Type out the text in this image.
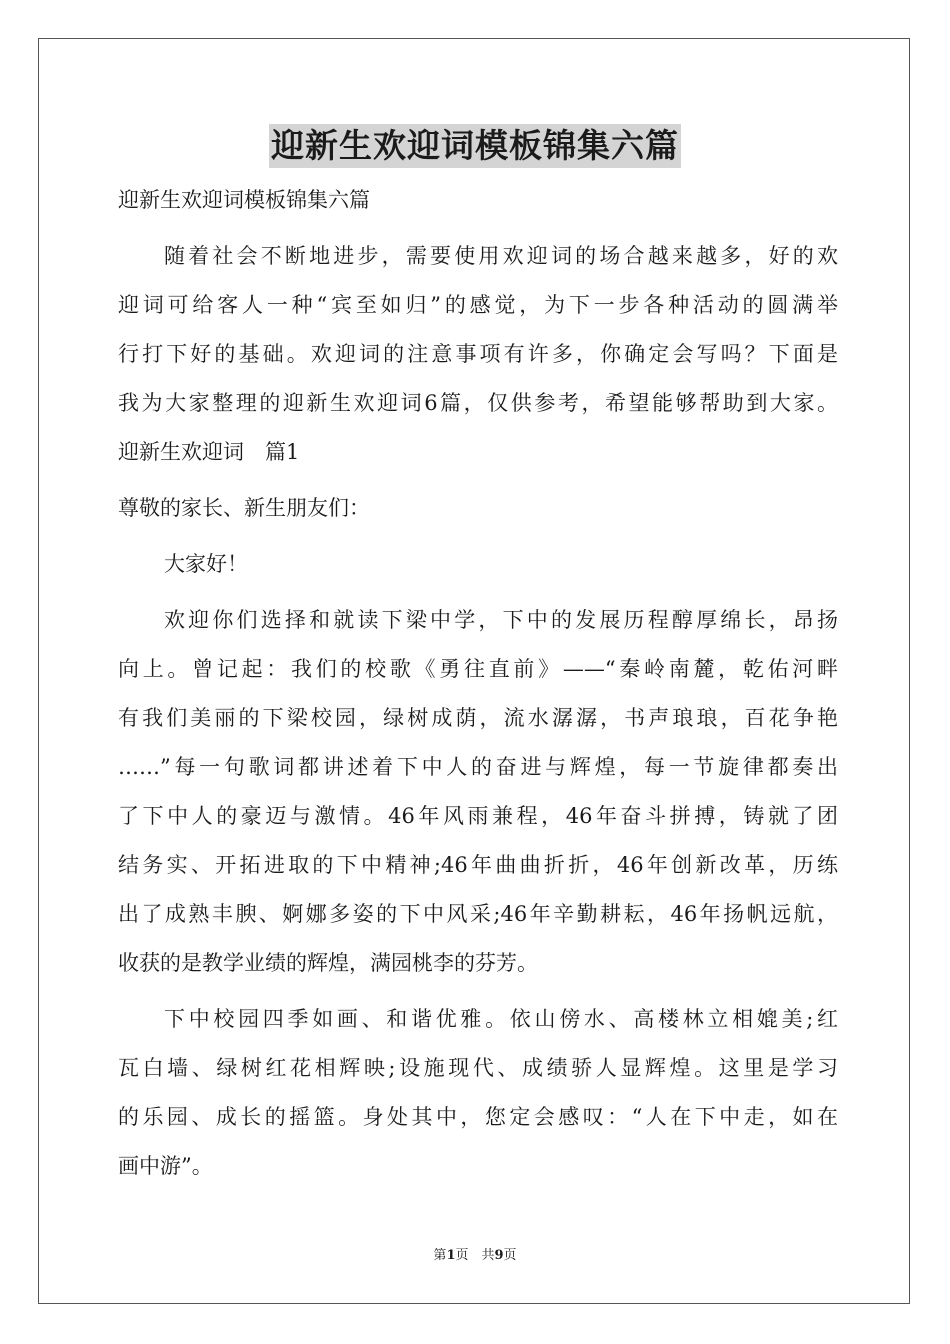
迎新生欢迎词模板锦集六篇
迎新生欢迎词模板锦集六篇
随着社会不断地进步，需要使用欢迎词的场合越来越多，好的欢
迎词可给客人一种“宾至如归”的感觉，为下一步各种活动的圆满举
行打下好的基础。欢迎词的注意事项有许多，你确定会写吗？下面是
我为大家整理的迎新生欢迎词6篇，仅供参考，希望能够帮助到大家。
迎新生欢迎词　篇1
尊敬的家长、新生朋友们：
大家好！
欢迎你们选择和就读下梁中学，下中的发展历程醇厚绵长，昂扬
向上。曾记起：我们的校歌《勇往直前》——“秦岭南麓，乾佑河畔
有我们美丽的下梁校园，绿树成荫，流水潺潺，书声琅琅，百花争艳
……”每一句歌词都讲述着下中人的奋进与辉煌，每一节旋律都奏出
了下中人的豪迈与激情。46年风雨兼程，46年奋斗拼搏，铸就了团
结务实、开拓进取的下中精神;46年曲曲折折，46年创新改革，历练
出了成熟丰腴、婀娜多姿的下中风采;46年辛勤耕耘，46年扬帆远航，
收获的是教学业绩的辉煌，满园桃李的芬芳。
下中校园四季如画、和谐优雅。依山傍水、高楼林立相媲美;红
瓦白墙、绿树红花相辉映;设施现代、成绩骄人显辉煌。这里是学习
的乐园、成长的摇篮。身处其中，您定会感叹：“人在下中走，如在
画中游”。
第1页　共9页
